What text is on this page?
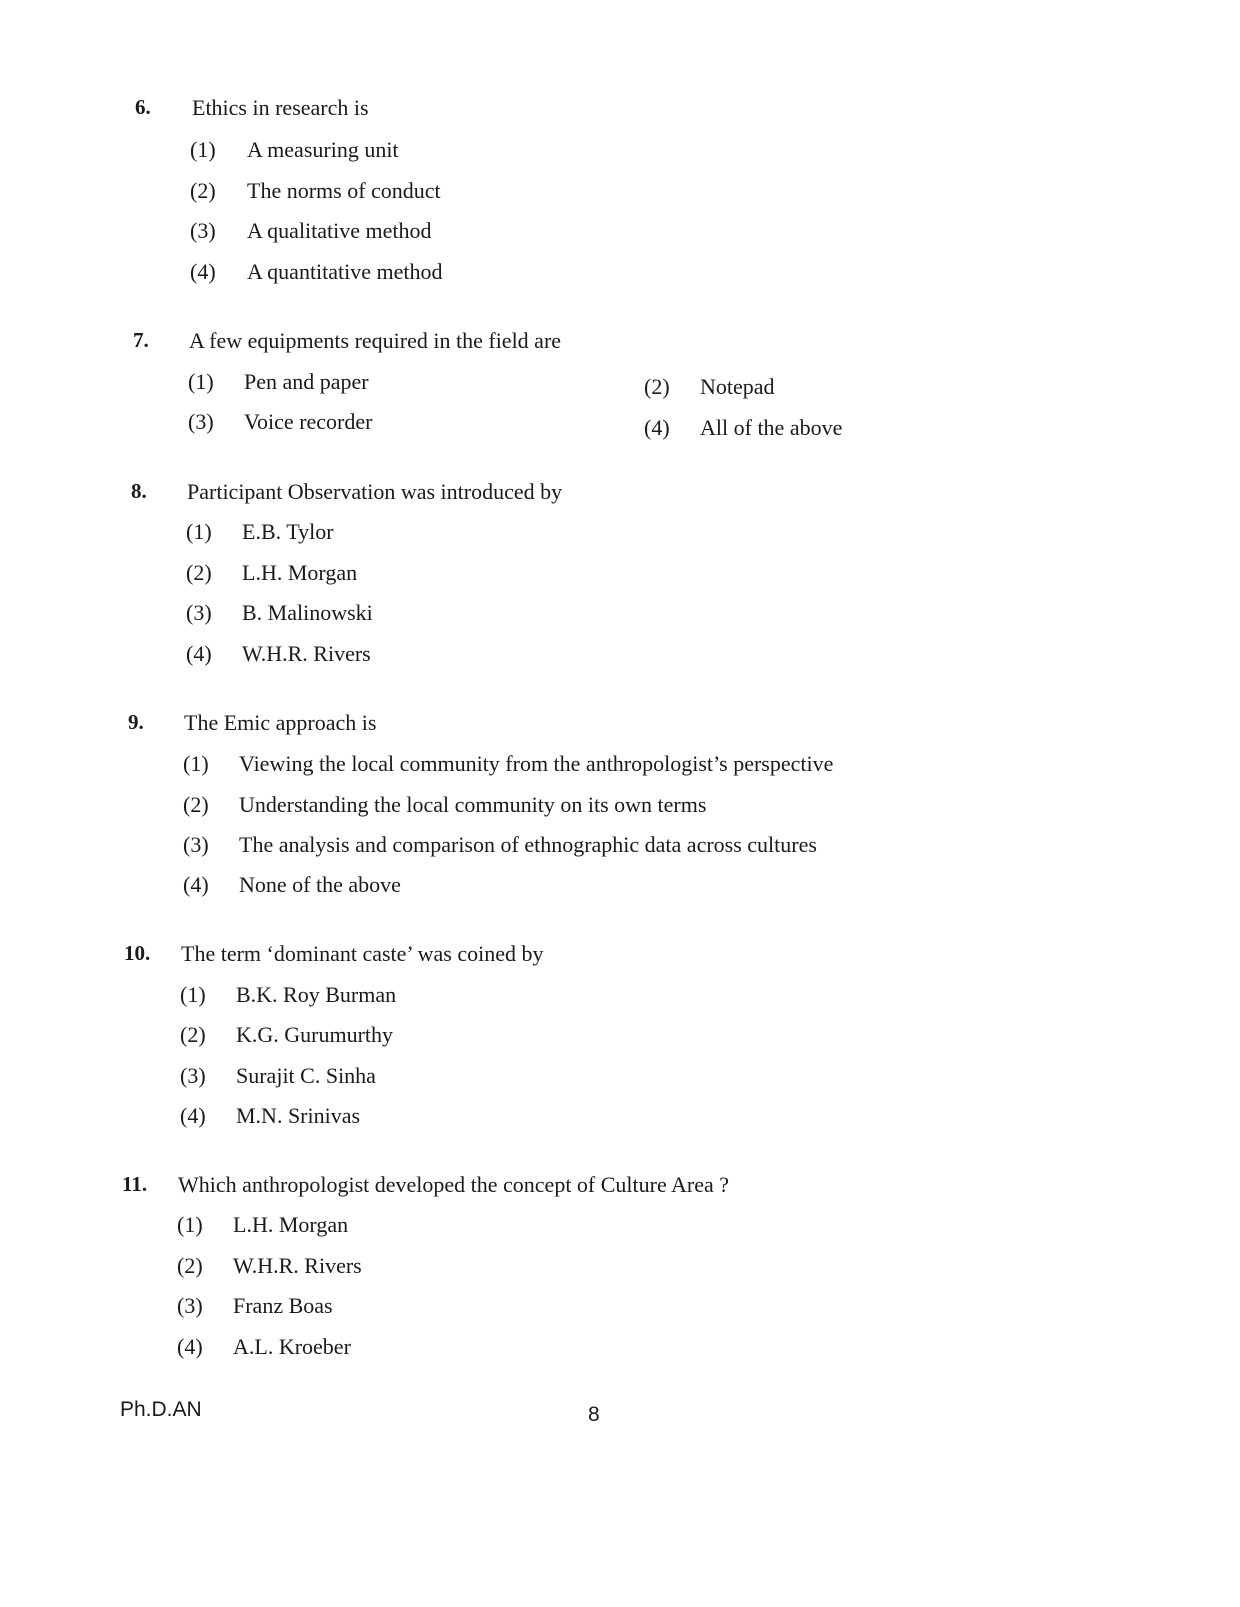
6. Ethics in research is
(1) A measuring unit
(2) The norms of conduct
(3) A qualitative method
(4) A quantitative method
7. A few equipments required in the field are
(1) Pen and paper	(2) Notepad
(3) Voice recorder	(4) All of the above
8. Participant Observation was introduced by
(1) E.B. Tylor
(2) L.H. Morgan
(3) B. Malinowski
(4) W.H.R. Rivers
9. The Emic approach is
(1) Viewing the local community from the anthropologist’s perspective
(2) Understanding the local community on its own terms
(3) The analysis and comparison of ethnographic data across cultures
(4) None of the above
10. The term ‘dominant caste’ was coined by
(1) B.K. Roy Burman
(2) K.G. Gurumurthy
(3) Surajit C. Sinha
(4) M.N. Srinivas
11. Which anthropologist developed the concept of Culture Area ?
(1) L.H. Morgan
(2) W.H.R. Rivers
(3) Franz Boas
(4) A.L. Kroeber
Ph.D.AN	8
